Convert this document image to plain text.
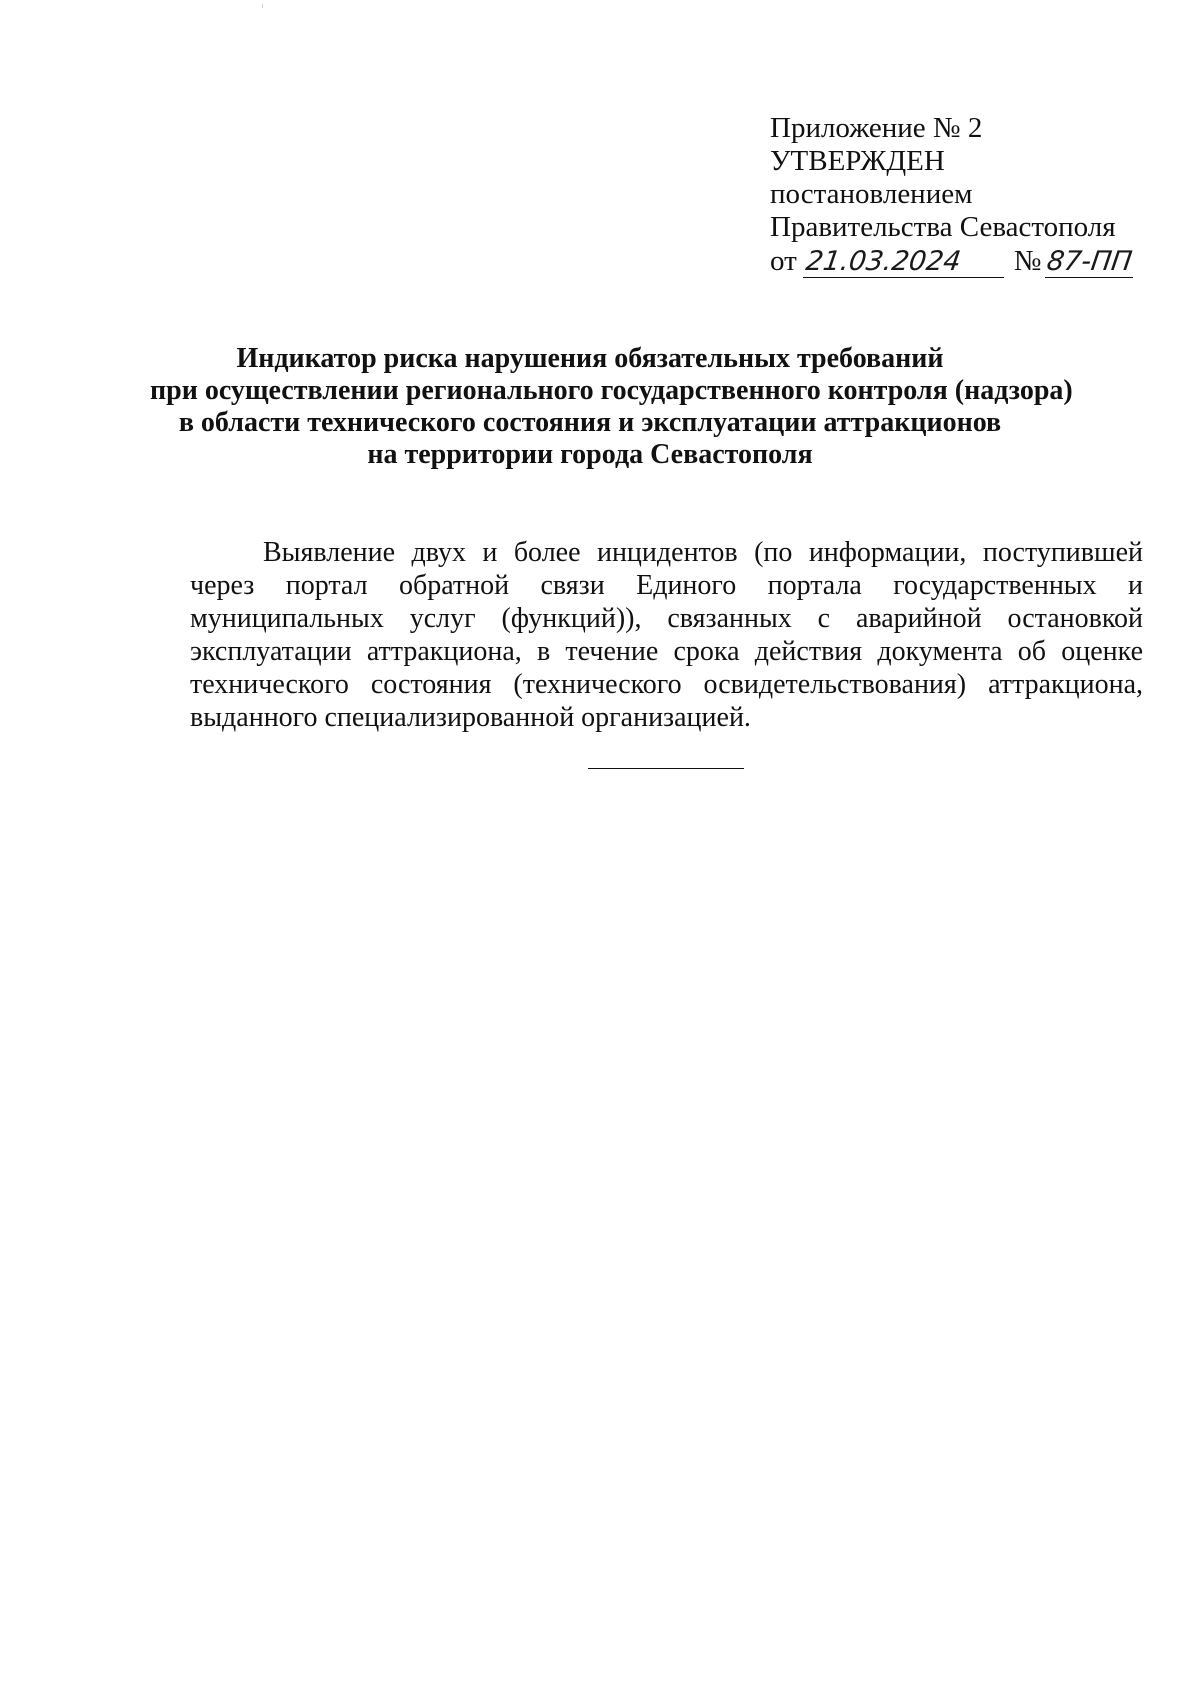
Приложение № 2
УТВЕРЖДЕН
постановлением
Правительства Севастополя
от 21.03.2024	№ 87-ПП
Индикатор риска нарушения обязательных требований
при осуществлении регионального государственного контроля (надзора)
в области технического состояния и эксплуатации аттракционов
на территории города Севастополя

Выявление двух и более инцидентов (по информации, поступившей через портал обратной связи Единого портала государственных и муниципальных услуг (функций)), связанных с аварийной остановкой эксплуатации аттракциона, в течение срока действия документа об оценке технического состояния (технического освидетельствования) аттракциона, выданного специализированной организацией.
